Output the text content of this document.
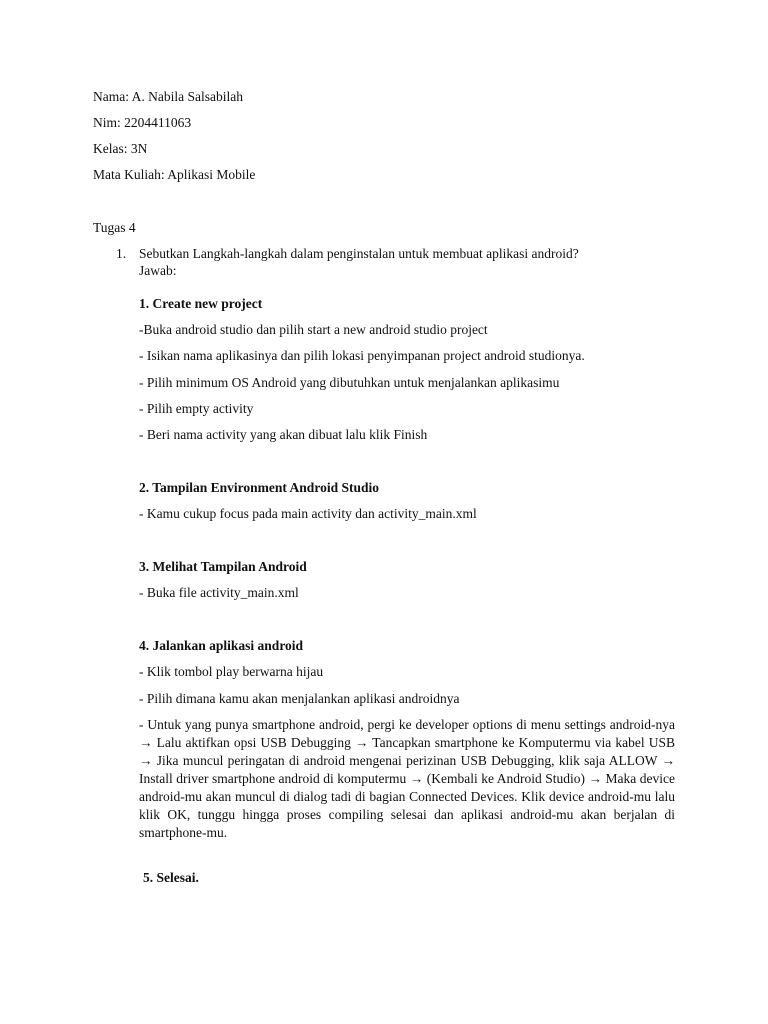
Nama: A. Nabila Salsabilah
Nim: 2204411063
Kelas: 3N
Mata Kuliah: Aplikasi Mobile
Tugas 4
1. Sebutkan Langkah-langkah dalam penginstalan untuk membuat aplikasi android?
Jawab:
1. Create new project
-Buka android studio dan pilih start a new android studio project
- Isikan nama aplikasinya dan pilih lokasi penyimpanan project android studionya.
- Pilih minimum OS Android yang dibutuhkan untuk menjalankan aplikasimu
- Pilih empty activity
- Beri nama activity yang akan dibuat lalu klik Finish
2. Tampilan Environment Android Studio
- Kamu cukup focus pada main activity dan activity_main.xml
3. Melihat Tampilan Android
- Buka file activity_main.xml
4. Jalankan aplikasi android
- Klik tombol play berwarna hijau
- Pilih dimana kamu akan menjalankan aplikasi androidnya
- Untuk yang punya smartphone android, pergi ke developer options di menu settings android-nya → Lalu aktifkan opsi USB Debugging → Tancapkan smartphone ke Komputermu via kabel USB → Jika muncul peringatan di android mengenai perizinan USB Debugging, klik saja ALLOW → Install driver smartphone android di komputermu → (Kembali ke Android Studio) → Maka device android-mu akan muncul di dialog tadi di bagian Connected Devices. Klik device android-mu lalu klik OK, tunggu hingga proses compiling selesai dan aplikasi android-mu akan berjalan di smartphone-mu.
5. Selesai.
